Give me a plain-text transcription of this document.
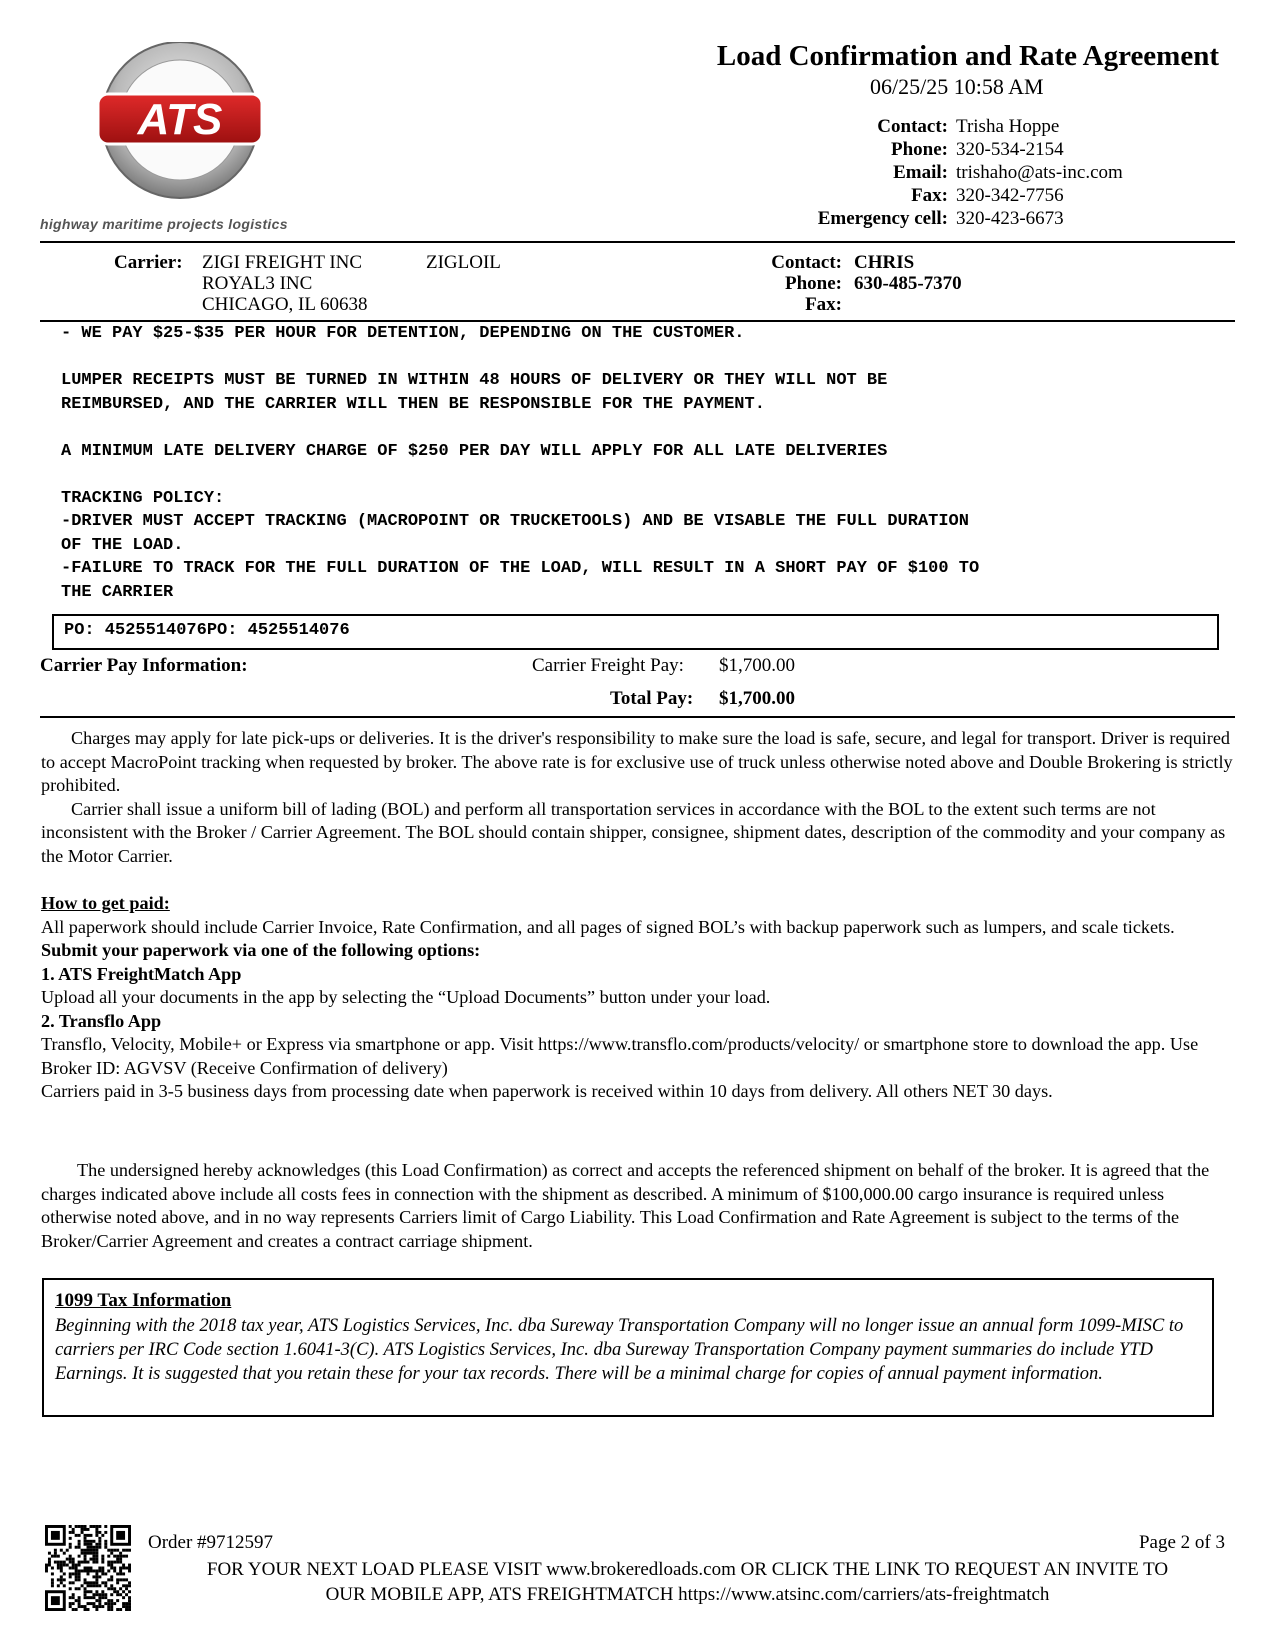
ATS
highway maritime projects logistics
Load Confirmation and Rate Agreement
06/25/25 10:58 AM
Contact: Trisha Hoppe
Phone: 320-534-2154
Email: trishaho@ats-inc.com
Fax: 320-342-7756
Emergency cell: 320-423-6673
Carrier: ZIGI FREIGHT INC	ZIGLOIL
ROYAL3 INC
CHICAGO, IL 60638
Contact: CHRIS
Phone: 630-485-7370
Fax:
- WE PAY $25-$35 PER HOUR FOR DETENTION, DEPENDING ON THE CUSTOMER.
LUMPER RECEIPTS MUST BE TURNED IN WITHIN 48 HOURS OF DELIVERY OR THEY WILL NOT BE
REIMBURSED, AND THE CARRIER WILL THEN BE RESPONSIBLE FOR THE PAYMENT.
A MINIMUM LATE DELIVERY CHARGE OF $250 PER DAY WILL APPLY FOR ALL LATE DELIVERIES
TRACKING POLICY:
-DRIVER MUST ACCEPT TRACKING (MACROPOINT OR TRUCKETOOLS) AND BE VISABLE THE FULL DURATION
OF THE LOAD.
-FAILURE TO TRACK FOR THE FULL DURATION OF THE LOAD, WILL RESULT IN A SHORT PAY OF $100 TO
THE CARRIER
PO: 4525514076PO: 4525514076
Carrier Pay Information:	Carrier Freight Pay: $1,700.00
Total Pay: $1,700.00

Charges may apply for late pick-ups or deliveries. It is the driver's responsibility to make sure the load is safe, secure, and legal for transport. Driver is required to accept MacroPoint tracking when requested by broker. The above rate is for exclusive use of truck unless otherwise noted above and Double Brokering is strictly prohibited.

Carrier shall issue a uniform bill of lading (BOL) and perform all transportation services in accordance with the BOL to the extent such terms are not inconsistent with the Broker / Carrier Agreement. The BOL should contain shipper, consignee, shipment dates, description of the commodity and your company as the Motor Carrier.

How to get paid:

All paperwork should include Carrier Invoice, Rate Confirmation, and all pages of signed BOL’s with backup paperwork such as lumpers, and scale tickets.

Submit your paperwork via one of the following options:

1. ATS FreightMatch App

Upload all your documents in the app by selecting the “Upload Documents” button under your load.

2. Transflo App

Transflo, Velocity, Mobile+ or Express via smartphone or app. Visit https://www.transflo.com/products/velocity/ or smartphone store to download the app. Use Broker ID: AGVSV (Receive Confirmation of delivery)

Carriers paid in 3-5 business days from processing date when paperwork is received within 10 days from delivery. All others NET 30 days.

The undersigned hereby acknowledges (this Load Confirmation) as correct and accepts the referenced shipment on behalf of the broker. It is agreed that the charges indicated above include all costs fees in connection with the shipment as described. A minimum of $100,000.00 cargo insurance is required unless otherwise noted above, and in no way represents Carriers limit of Cargo Liability. This Load Confirmation and Rate Agreement is subject to the terms of the Broker/Carrier Agreement and creates a contract carriage shipment.

1099 Tax Information
Beginning with the 2018 tax year, ATS Logistics Services, Inc. dba Sureway Transportation Company will no longer issue an annual form 1099-MISC to carriers per IRC Code section 1.6041-3(C). ATS Logistics Services, Inc. dba Sureway Transportation Company payment summaries do include YTD Earnings. It is suggested that you retain these for your tax records. There will be a minimal charge for copies of annual payment information.
Order #9712597	Page 2 of 3
FOR YOUR NEXT LOAD PLEASE VISIT www.brokeredloads.com OR CLICK THE LINK TO REQUEST AN INVITE TO
OUR MOBILE APP, ATS FREIGHTMATCH https://www.atsinc.com/carriers/ats-freightmatch
